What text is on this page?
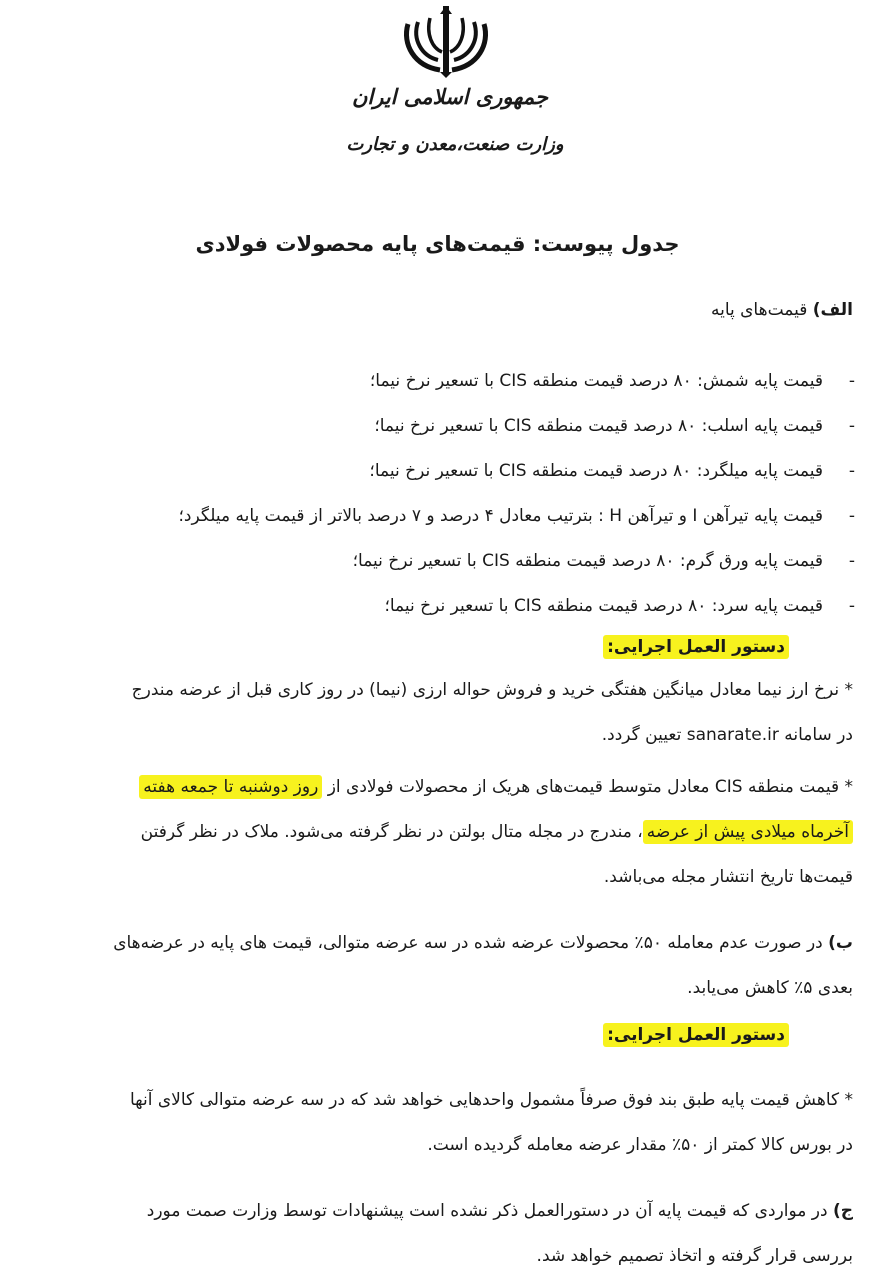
جمهوری اسلامی ایران
وزارت صنعت،معدن و تجارت
جدول پیوست: قیمت‌های پایه محصولات فولادی
الف) قیمت‌های پایه
-
قیمت پایه شمش: ۸۰ درصد قیمت منطقه CIS با تسعیر نرخ نیما؛
-
قیمت پایه اسلب: ۸۰ درصد قیمت منطقه CIS با تسعیر نرخ نیما؛
-
قیمت پایه میلگرد: ۸۰ درصد قیمت منطقه CIS با تسعیر نرخ نیما؛
-
قیمت پایه تیرآهن I و تیرآهن H : بترتیب معادل ۴ درصد و ۷ درصد بالاتر از قیمت پایه میلگرد؛
-
قیمت پایه ورق گرم: ۸۰ درصد قیمت منطقه CIS با تسعیر نرخ نیما؛
-
قیمت پایه سرد: ۸۰ درصد قیمت منطقه CIS با تسعیر نرخ نیما؛
دستور العمل اجرایی:
* نرخ ارز نیما معادل میانگین هفتگی خرید و فروش حواله ارزی (نیما) در روز کاری قبل از عرضه مندرج
در سامانه sanarate.ir تعیین گردد.
* قیمت منطقه CIS معادل متوسط قیمت‌های هریک از محصولات فولادی از روز دوشنبه تا جمعه هفته
آخرماه میلادی پیش از عرضه، مندرج در مجله متال بولتن در نظر گرفته می‌شود. ملاک در نظر گرفتن
قیمت‌ها تاریخ انتشار مجله می‌باشد.
ب) در صورت عدم معامله ۵۰٪ محصولات عرضه شده در سه عرضه متوالی، قیمت های پایه در عرضه‌های
بعدی ۵٪ کاهش می‌یابد.
دستور العمل اجرایی:
* کاهش قیمت پایه طبق بند فوق صرفاً مشمول واحدهایی خواهد شد که در سه عرضه متوالی کالای آنها
در بورس کالا کمتر از ۵۰٪ مقدار عرضه معامله گردیده است.
ج) در مواردی که قیمت پایه آن در دستورالعمل ذکر نشده است پیشنهادات توسط وزارت صمت مورد
بررسی قرار گرفته و اتخاذ تصمیم خواهد شد.
